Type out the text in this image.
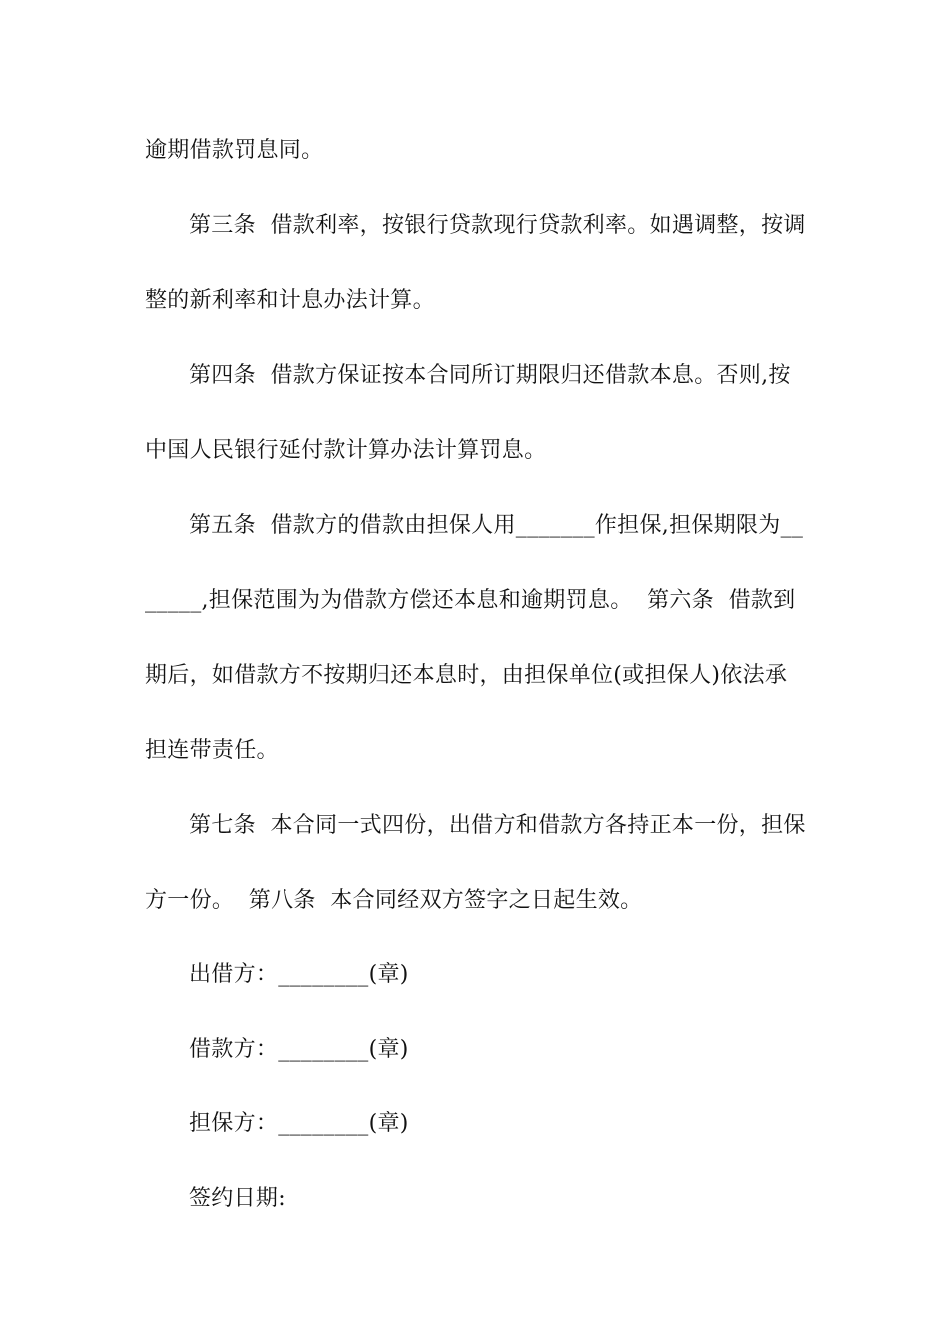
逾期借款罚息同。
第三条  借款利率，按银行贷款现行贷款利率。如遇调整，按调
整的新利率和计息办法计算。
第四条  借款方保证按本合同所订期限归还借款本息。否则,按
中国人民银行延付款计算办法计算罚息。
第五条  借款方的借款由担保人用_______作担保,担保期限为__
_____,担保范围为为借款方偿还本息和逾期罚息。  第六条  借款到
期后，如借款方不按期归还本息时，由担保单位(或担保人)依法承
担连带责任。
第七条  本合同一式四份，出借方和借款方各持正本一份，担保
方一份。  第八条  本合同经双方签字之日起生效。
出借方：________(章)
借款方：________(章)
担保方：________(章)
签约日期:
